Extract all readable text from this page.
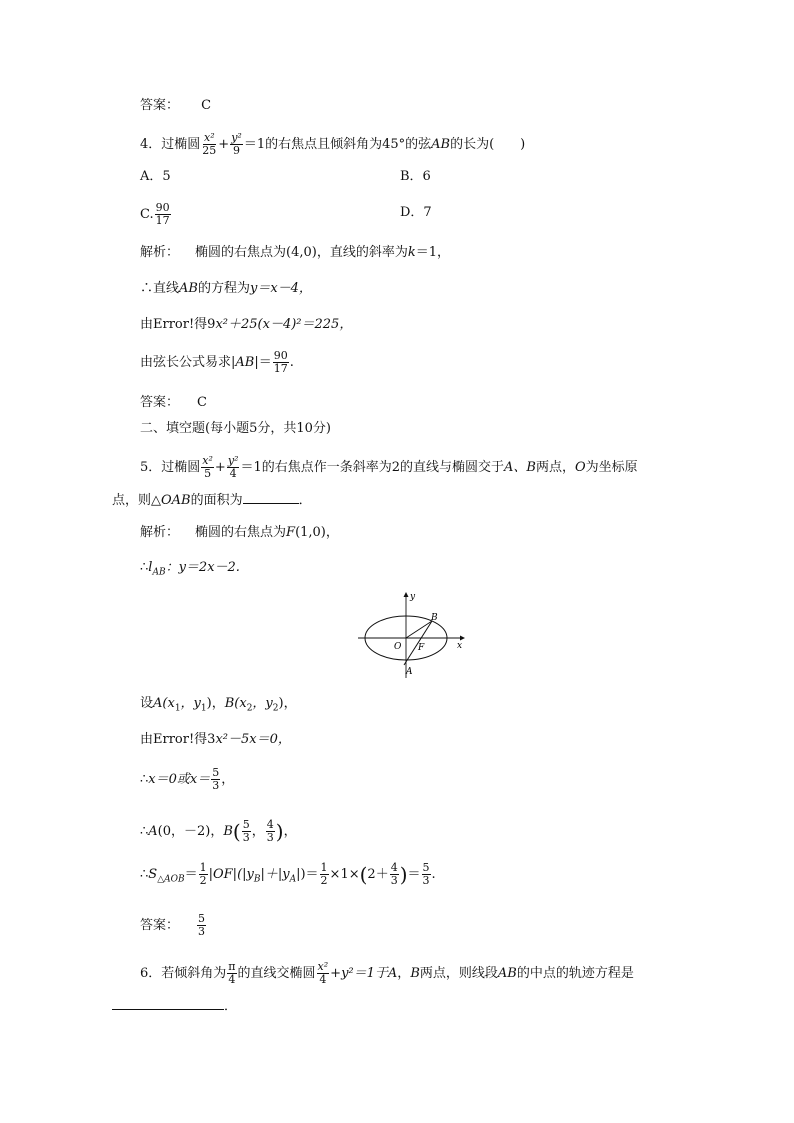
答案： C
4．过椭圆 $\frac{\text{x²}}{25} + \frac{\text{y²}}{9} =1$的右焦点且倾斜角为45°的弦AB的长为(　　)
A．5	B．6
C. $\frac{90}{17}$	D．7
解析： 椭圆的右焦点为(4,0)，直线的斜率为k＝1，
∴直线AB的方程为y＝x－4，
由Error!得9x²＋25(x－4)²＝225，
由弦长公式易求$|AB|= \frac{90}{17}$ .
答案： C
二、填空题(每小题5分，共10分)
5．过椭圆 $\frac{\text{x²}}{5} + \frac{\text{y²}}{4} =1$的右焦点作一条斜率为2的直线与椭圆交于A、B两点，O为坐标原
点，则△OAB的面积为	．
解析： 椭圆的右焦点为F(1,0)，
$\therefore l_{AB}$：y＝2x－2.
y
x
B
O F
A
设$A(x_1$，$y_1$)，$B(x_2$，$y_2$)，
由Error!得3x²－5x＝0，
∴x＝0或$x= \frac{5}{3}$ ，
∴A(0，－2)，$B( \frac{5}{3}$ ， $\frac{4}{3}$ )，
$\therefore S_{\triangle AOB}= \frac{1}{2} |OF|(|y_B|+|y_A|)= \frac{1}{2} \times 1\times(2+ \frac{4}{3}$ )＝ $\frac{5}{3}$ .
答案： $\frac{5}{3}$
6．若倾斜角为 $\frac{\pi}{4}$ 的直线交椭圆 $\frac{\text{x²}}{4} +y^2=1$于A，B两点，则线段AB的中点的轨迹方程是
．
